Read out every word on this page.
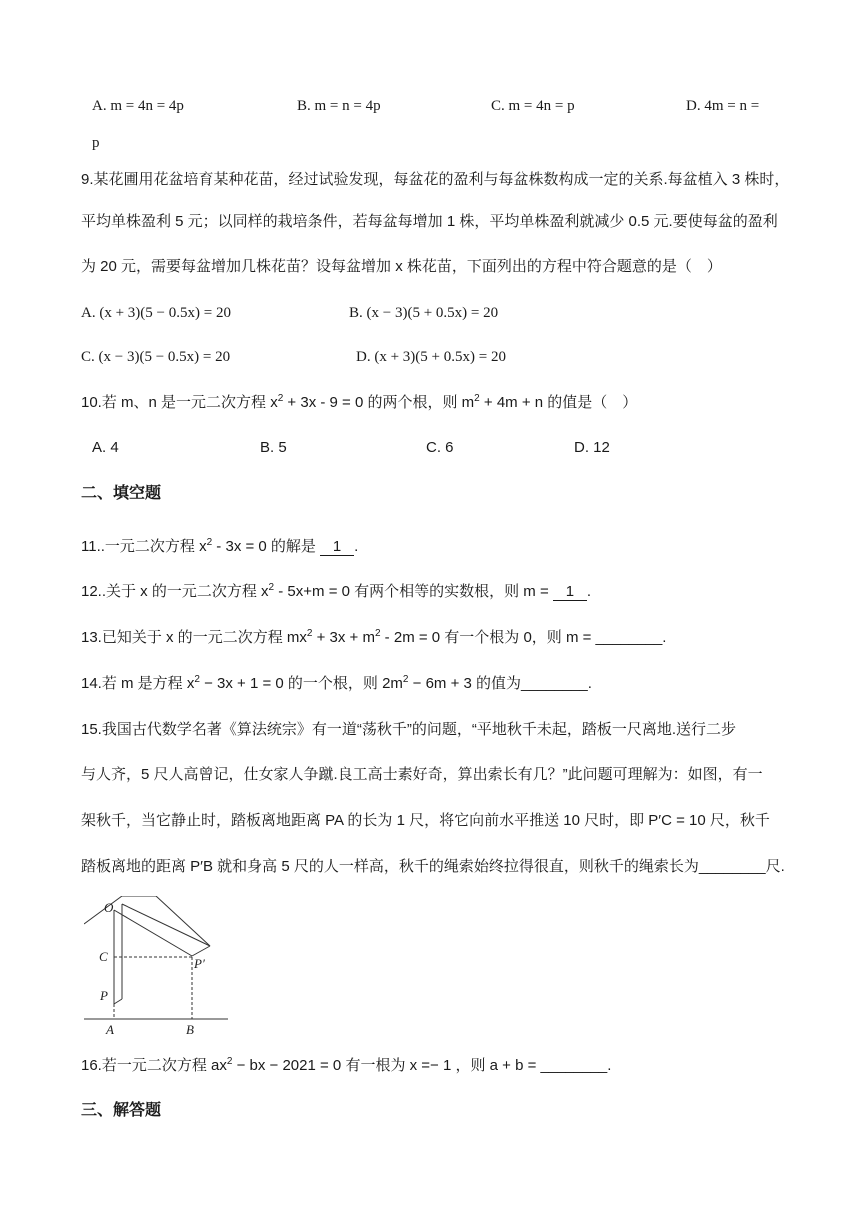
A. m = 4n = 4p	B. m = n = 4p	C. m = 4n = p	D. 4m = n =
p
9.某花圃用花盆培育某种花苗，经过试验发现，每盆花的盈利与每盆株数构成一定的关系.每盆植入 3 株时，
平均单株盈利 5 元；以同样的栽培条件，若每盆每增加 1 株，平均单株盈利就减少 0.5 元.要使每盆的盈利
为 20 元，需要每盆增加几株花苗？设每盆增加 x 株花苗，下面列出的方程中符合题意的是（　）
A. (x + 3)(5 − 0.5x) = 20	B. (x − 3)(5 + 0.5x) = 20
C. (x − 3)(5 − 0.5x) = 20	D. (x + 3)(5 + 0.5x) = 20
10.若 m、n 是一元二次方程 $x^2 + 3x - 9 = 0$ 的两个根，则 $m^2 + 4m + n$ 的值是（　）
A. 4	B. 5	C. 6	D. 12
二、填空题
11..一元二次方程 $x^2 - 3x = 0$ 的解是 1 .
12..关于 x 的一元二次方程 $x^2 - 5x+m = 0$ 有两个相等的实数根，则 m = 1 .
13.已知关于 x 的一元二次方程 $mx^2 + 3x + m^2 - 2m = 0$ 有一个根为 0，则 m = ________.
14.若 m 是方程 $x^2 - 3x + 1 = 0$ 的一个根，则 $2m^2 - 6m + 3$ 的值为________.
15.我国古代数学名著《算法统宗》有一道“荡秋千”的问题，“平地秋千未起，踏板一尺离地.送行二步
与人齐，5 尺人高曾记，仕女家人争蹴.良工高士素好奇，算出索长有几？”此问题可理解为：如图，有一
架秋千，当它静止时，踏板离地距离 PA 的长为 1 尺，将它向前水平推送 10 尺时，即 P′C = 10 尺，秋千
踏板离地的距离 P′B 就和身高 5 尺的人一样高，秋千的绳索始终拉得很直，则秋千的绳索长为________尺.
O
C
P
A	B
P′
16.若一元二次方程 $ax^2$ − bx − 2021 = 0 有一根为 x =− 1 ，则 a + b = ________.
三、解答题
